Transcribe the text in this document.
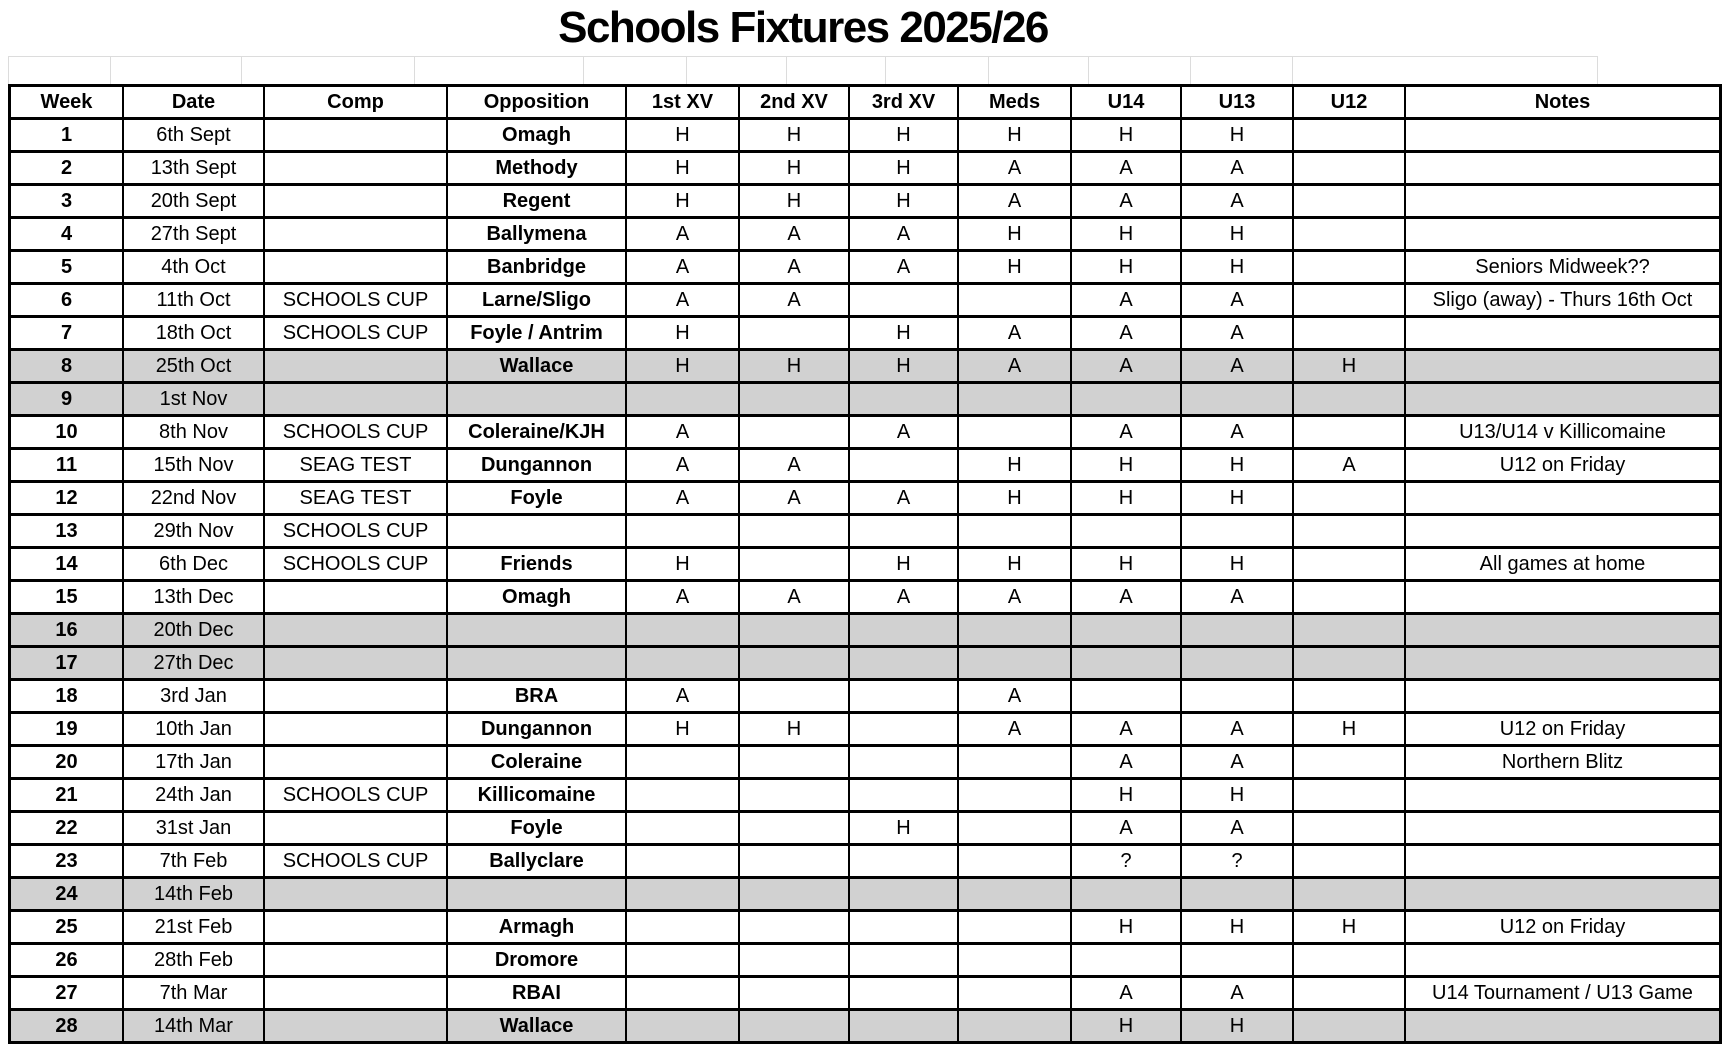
Schools Fixtures 2025/26
Week	Date	Comp	Opposition	1st XV	2nd XV	3rd XV	Meds	U14	U13	U12	Notes
1	6th Sept		Omagh	H	H	H	H	H	H		
2	13th Sept		Methody	H	H	H	A	A	A		
3	20th Sept		Regent	H	H	H	A	A	A		
4	27th Sept		Ballymena	A	A	A	H	H	H		
5	4th Oct		Banbridge	A	A	A	H	H	H		Seniors Midweek??
6	11th Oct	SCHOOLS CUP	Larne/Sligo	A	A			A	A		Sligo (away) - Thurs 16th Oct
7	18th Oct	SCHOOLS CUP	Foyle / Antrim	H		H	A	A	A		
8	25th Oct		Wallace	H	H	H	A	A	A	H	
9	1st Nov										
10	8th Nov	SCHOOLS CUP	Coleraine/KJH	A		A		A	A		U13/U14 v Killicomaine
11	15th Nov	SEAG TEST	Dungannon	A	A		H	H	H	A	U12 on Friday
12	22nd Nov	SEAG TEST	Foyle	A	A	A	H	H	H		
13	29th Nov	SCHOOLS CUP									
14	6th Dec	SCHOOLS CUP	Friends	H		H	H	H	H		All games at home
15	13th Dec		Omagh	A	A	A	A	A	A		
16	20th Dec										
17	27th Dec										
18	3rd Jan		BRA	A			A				
19	10th Jan		Dungannon	H	H		A	A	A	H	U12 on Friday
20	17th Jan		Coleraine					A	A		Northern Blitz
21	24th Jan	SCHOOLS CUP	Killicomaine					H	H		
22	31st Jan		Foyle			H		A	A		
23	7th Feb	SCHOOLS CUP	Ballyclare					?	?		
24	14th Feb										
25	21st Feb		Armagh					H	H	H	U12 on Friday
26	28th Feb		Dromore								
27	7th Mar		RBAI					A	A		U14 Tournament / U13 Game
28	14th Mar		Wallace					H	H		
